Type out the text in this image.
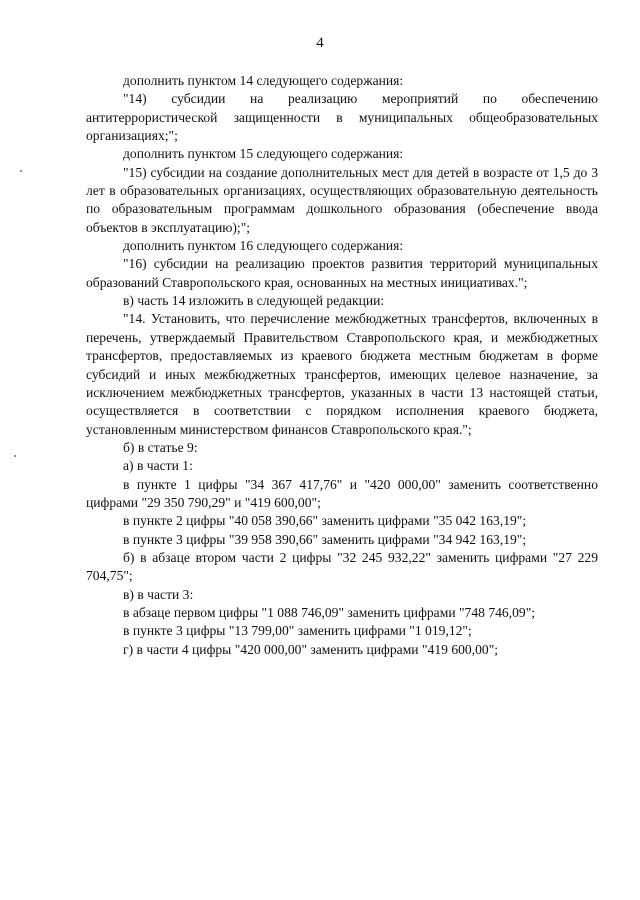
4

дополнить пунктом 14 следующего содержания:

"14) субсидии на реализацию мероприятий по обеспечению антитеррористической защищенности в муниципальных общеобразовательных организациях;";

дополнить пунктом 15 следующего содержания:

"15) субсидии на создание дополнительных мест для детей в возрасте от 1,5 до 3 лет в образовательных организациях, осуществляющих образовательную деятельность по образовательным программам дошкольного образования (обеспечение ввода объектов в эксплуатацию);";

дополнить пунктом 16 следующего содержания:

"16) субсидии на реализацию проектов развития территорий муниципальных образований Ставропольского края, основанных на местных инициативах.";

в) часть 14 изложить в следующей редакции:

"14. Установить, что перечисление межбюджетных трансфертов, включенных в перечень, утверждаемый Правительством Ставропольского края, и межбюджетных трансфертов, предоставляемых из краевого бюджета местным бюджетам в форме субсидий и иных межбюджетных трансфертов, имеющих целевое назначение, за исключением межбюджетных трансфертов, указанных в части 13 настоящей статьи, осуществляется в соответствии с порядком исполнения краевого бюджета, установленным министерством финансов Ставропольского края.";

б) в статье 9:

а) в части 1:

в пункте 1 цифры "34 367 417,76" и "420 000,00" заменить соответственно цифрами "29 350 790,29" и "419 600,00";

в пункте 2 цифры "40 058 390,66" заменить цифрами "35 042 163,19";

в пункте 3 цифры "39 958 390,66" заменить цифрами "34 942 163,19";

б) в абзаце втором части 2 цифры "32 245 932,22" заменить цифрами "27 229 704,75";

в) в части 3:

в абзаце первом цифры "1 088 746,09" заменить цифрами "748 746,09";

в пункте 3 цифры "13 799,00" заменить цифрами "1 019,12";

г) в части 4 цифры "420 000,00" заменить цифрами "419 600,00";
